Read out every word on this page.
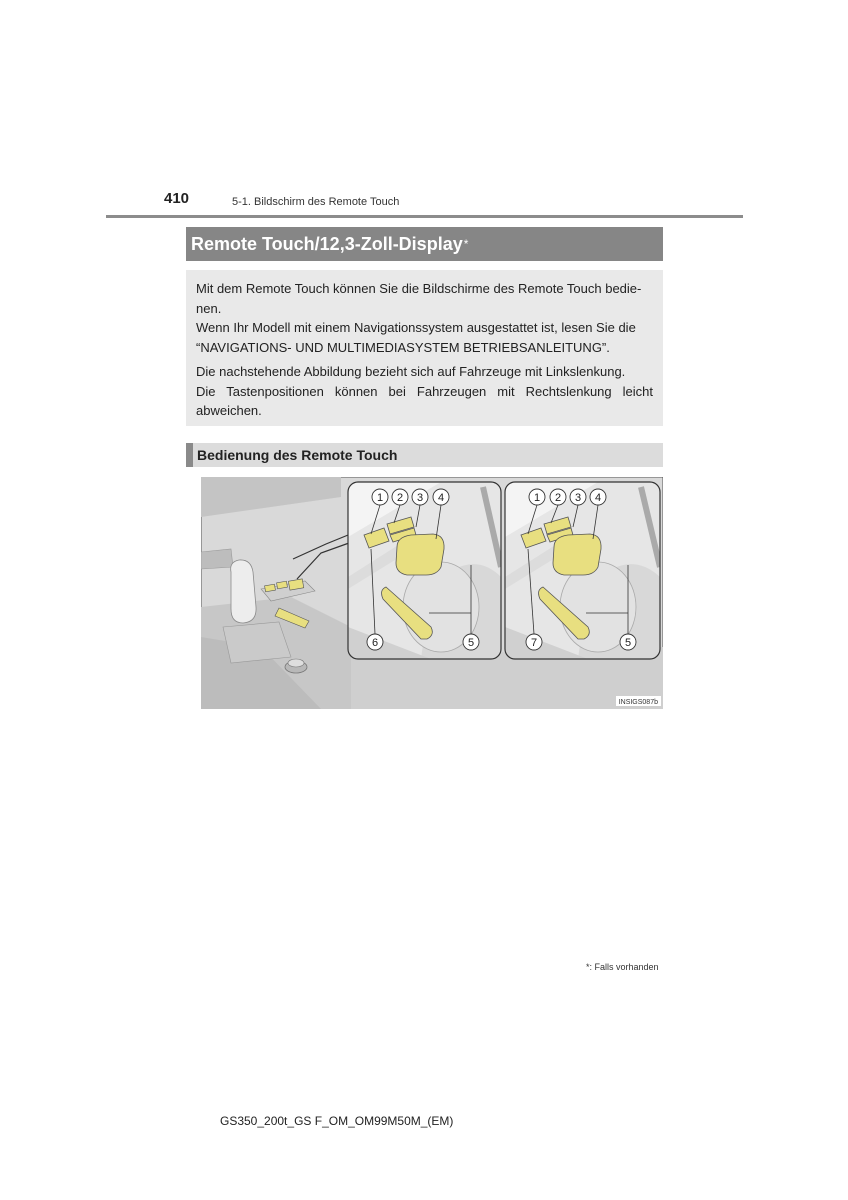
410	5-1. Bildschirm des Remote Touch
Remote Touch/12,3-Zoll-Display *

Mit dem Remote Touch können Sie die Bildschirme des Remote Touch bedie-

nen.

Wenn Ihr Modell mit einem Navigationssystem ausgestattet ist, lesen Sie die

“NAVIGATIONS- UND MULTIMEDIASYSTEM BETRIEBSANLEITUNG”.

Die nachstehende Abbildung bezieht sich auf Fahrzeuge mit Linkslenkung.

Die Tastenpositionen können bei Fahrzeugen mit Rechtslenkung leicht

abweichen.

Bedienung des Remote Touch
1 2 3 4
6	5
1 2 3 4
7	5
INSIGS087b
*: Falls vorhanden
GS350_200t_GS F_OM_OM99M50M_(EM)
